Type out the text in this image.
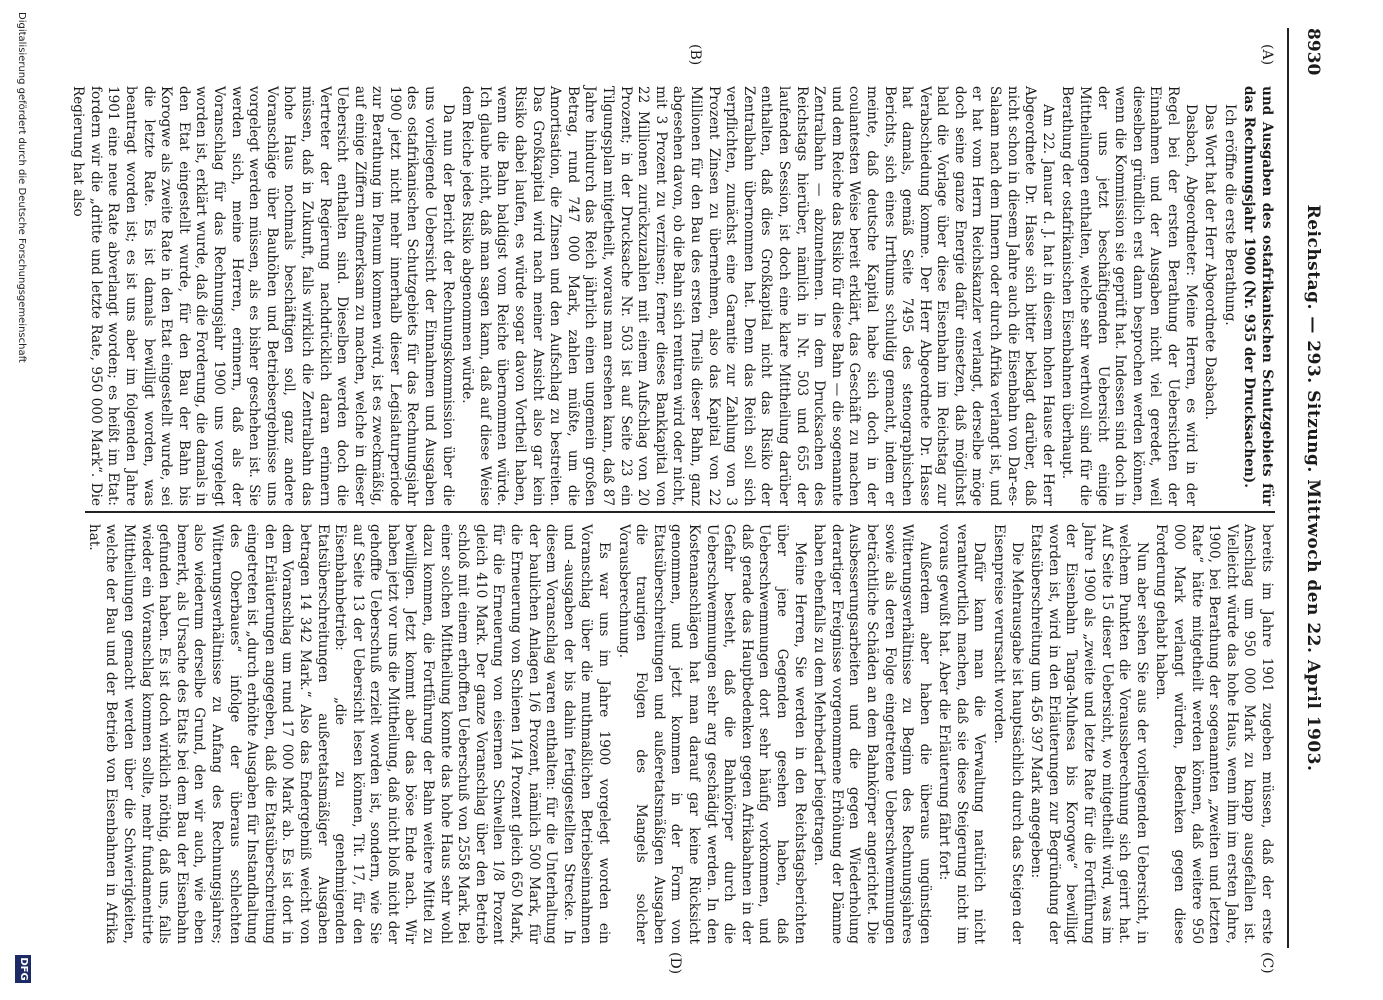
8930
Reichstag. — 293. Sitzung. Mittwoch den 22. April 1903.
(A)
(B)
(C)
(D)

und Ausgaben des ostafrikanischen Schutzgebiets für das Rechnungsjahr 1900 (Nr. 935 der Drucksachen).

Ich eröffne die erste Berathung.

Das Wort hat der Herr Abgeordnete Dasbach.

Dasbach, Abgeordneter: Meine Herren, es wird in der Regel bei der ersten Berathung der Uebersichten der Einnahmen und der Ausgaben nicht viel geredet, weil dieselben gründlich erst dann besprochen werden können, wenn die Kommission sie geprüft hat. Indessen sind doch in der uns jetzt beschäftigenden Uebersicht einige Mittheilungen enthalten, welche sehr werthvoll sind für die Berathung der ostafrikanischen Eisenbahnen überhaupt.

Am 22. Januar d. J. hat in diesem hohen Hause der Herr Abgeordnete Dr. Hasse sich bitter beklagt darüber, daß nicht schon in diesem Jahre auch die Eisenbahn von Dar-es-Salaam nach dem Innern oder durch Afrika verlangt ist, und er hat vom Herrn Reichskanzler verlangt, derselbe möge doch seine ganze Energie dafür einsetzen, daß möglichst bald die Vorlage über diese Eisenbahn im Reichstag zur Verabschiedung komme. Der Herr Abgeordnete Dr. Hasse hat damals, gemäß Seite 7495 des stenographischen Berichts, sich eines Irrthums schuldig gemacht, indem er meinte, daß deutsche Kapital habe sich doch in der coulantesten Weise bereit erklärt, das Geschäft zu machen und dem Reiche das Risiko für diese Bahn — die sogenannte Zentralbahn — abzunehmen. In dem Drucksachen des Reichstags hierüber, nämlich in Nr. 503 und 655 der laufenden Session, ist doch eine klare Mittheilung darüber enthalten, daß dies Großkapital nicht das Risiko der Zentralbahn übernommen hat. Denn das Reich soll sich verpflichten, zunächst eine Garantie zur Zahlung von 3 Prozent Zinsen zu übernehmen, also das Kapital von 22 Millionen für den Bau des ersten Theils dieser Bahn, ganz abgesehen davon, ob die Bahn sich rentiren wird oder nicht, mit 3 Prozent zu verzinsen; ferner dieses Bankkapital von 22 Millionen zurückzuzahlen mit einem Aufschlag von 20 Prozent; in der Drucksache Nr. 503 ist auf Seite 23 ein Tilgungsplan mitgetheilt, woraus man ersehen kann, daß 87 Jahre hindurch das Reich jährlich einen ungemein großen Betrag, rund 747 000 Mark, zahlen müßte, um die Amortisation, die Zinsen und den Aufschlag zu bestreiten. Das Großkapital wird nach meiner Ansicht also gar kein Risiko dabei laufen, es würde sogar davon Vortheil haben, wenn die Bahn baldigst vom Reiche übernommen würde. Ich glaube nicht, daß man sagen kann, daß auf diese Weise dem Reiche jedes Risiko abgenommen würde.

Da nun der Bericht der Rechnungskommission über die uns vorliegende Uebersicht der Einnahmen und Ausgaben des ostafrikanischen Schutzgebiets für das Rechnungsjahr 1900 jetzt nicht mehr innerhalb dieser Legislaturperiode zur Berathung im Plenum kommen wird, ist es zweckmäßig, auf einige Ziffern aufmerksam zu machen, welche in dieser Uebersicht enthalten sind. Dieselben werden doch die Vertreter der Regierung nachdrücklich daran erinnern müssen, daß in Zukunft, falls wirklich die Zentralbahn das hohe Haus nochmals beschäftigen soll, ganz andere Voranschläge über Bauhöhen und Betriebsergebnisse uns vorgelegt werden müssen, als es bisher geschehen ist. Sie werden sich, meine Herren, erinnern, daß als der Voranschlag für das Rechnungsjahr 1900 uns vorgelegt worden ist, erklärt wurde, daß die Forderung, die damals in den Etat eingestellt wurde, für den Bau der Bahn bis Korogwe als zweite Rate in den Etat eingestellt wurde, sei die letzte Rate. Es ist damals bewilligt worden, was beantragt worden ist; es ist uns aber im folgenden Jahre 1901 eine neue Rate abverlangt worden; es heißt im Etat: fordern wir die „dritte und letzte Rate, 950 000 Mark“. Die Regierung hat also

bereits im Jahre 1901 zugeben müssen, daß der erste Anschlag um 950 000 Mark zu knapp ausgefallen ist. Vielleicht würde das hohe Haus, wenn ihm im ersten Jahre, 1900, bei Berathung der sogenannten „zweiten und letzten Rate“ hätte mitgetheilt werden können, daß weitere 950 000 Mark verlangt würden, Bedenken gegen diese Forderung gehabt haben.

Nun aber sehen Sie aus der vorliegenden Uebersicht, in welchem Punkten die Voraussberechnung sich geirrt hat. Auf Seite 15 dieser Uebersicht, wo mitgetheilt wird, was im Jahre 1900 als „zweite und letzte Rate für die Fortführung der Eisenbahn Tanga-Muhesa bis Korogwe“ bewilligt worden ist, wird in den Erläuterungen zur Begründung der Etatsüberschreitung um 456 397 Mark angegeben:

Die Mehrausgabe ist hauptsächlich durch das Steigen der Eisenpreise verursacht worden.

Dafür kann man die Verwaltung natürlich nicht verantwortlich machen, daß sie diese Steigerung nicht im voraus gewußt hat. Aber die Erläuterung fährt fort:

Außerdem aber haben die überaus ungünstigen Witterungsverhältnisse zu Beginn des Rechnungsjahres sowie als deren Folge eingetretene Ueberschwemmungen beträchtliche Schäden an dem Bahnkörper angerichtet. Die Ausbesserungsarbeiten und die gegen Wiederholung derartiger Ereignisse vorgenommene Erhöhung der Dämme haben ebenfalls zu dem Mehrbedarf beigetragen.

Meine Herren, Sie werden in den Reichstagsberichten über jene Gegenden gesehen haben, daß Ueberschwemmungen dort sehr häufig vorkommen, und daß gerade das Hauptbedenken gegen Afrikabahnen in der Gefahr besteht, daß die Bahnkörper durch die Ueberschwemmungen sehr arg geschädigt werden. In den Kostenanschlägen hat man darauf gar keine Rücksicht genommen, und jetzt kommen in der Form von Etatsüberschreitungen und außeretatsmäßigen Ausgaben die traurigen Folgen des Mangels solcher Vorausberechnung.

Es war uns im Jahre 1900 vorgelegt worden ein Voranschlag über die muthmaßlichen Betriebseinnahmen und -ausgaben der bis dahin fertiggestellten Strecke. In diesem Voranschlag waren enthalten: für die Unterhaltung der baulichen Anlagen 1/6 Prozent, nämlich 500 Mark, für die Erneuerung von Schienen 1/4 Prozent gleich 650 Mark, für die Erneuerung von eisernen Schwellen 1/8 Prozent gleich 410 Mark. Der ganze Voranschlag über den Betrieb schloß mit einem erhofften Ueberschuß von 2558 Mark. Bei einer solchen Mittheilung konnte das hohe Haus sehr wohl dazu kommen, die Fortführung der Bahn weitere Mittel zu bewilligen. Jetzt kommt aber das böse Ende nach. Wir haben jetzt vor uns die Mittheilung, daß nicht bloß nicht der gehoffte Ueberschuß erzielt worden ist, sondern, wie Sie auf Seite 13 der Uebersicht lesen können, Tit. 17, für den Eisenbahnbetrieb: „die zu genehmigenden Etatsüberschreitungen außeretatsmäßiger Ausgaben betragen 14 342 Mark.“ Also das Endergebniß weicht von dem Voranschlag um rund 17 000 Mark ab. Es ist dort in den Erläuterungen angegeben, daß die Etatsüberschreitung eingetreten ist „durch erhöhte Ausgaben für Instandhaltung des Oberbaues“ infolge der überaus schlechten Witterungsverhältnisse zu Anfang des Rechnungsjahres; also wiederum derselbe Grund, den wir auch, wie eben bemerkt, als Ursache des Etats bei dem Bau der Eisenbahn gefunden haben. Es ist doch wirklich nöthig, daß uns, falls wieder ein Voranschlag kommen sollte, mehr fundamentirte Mittheilungen gemacht werden über die Schwierigkeiten, welche der Bau und der Betrieb von Eisenbahnen in Afrika hat.

Digitalisierung gefördert durch die Deutsche Forschungsgemeinschaft
DFG
